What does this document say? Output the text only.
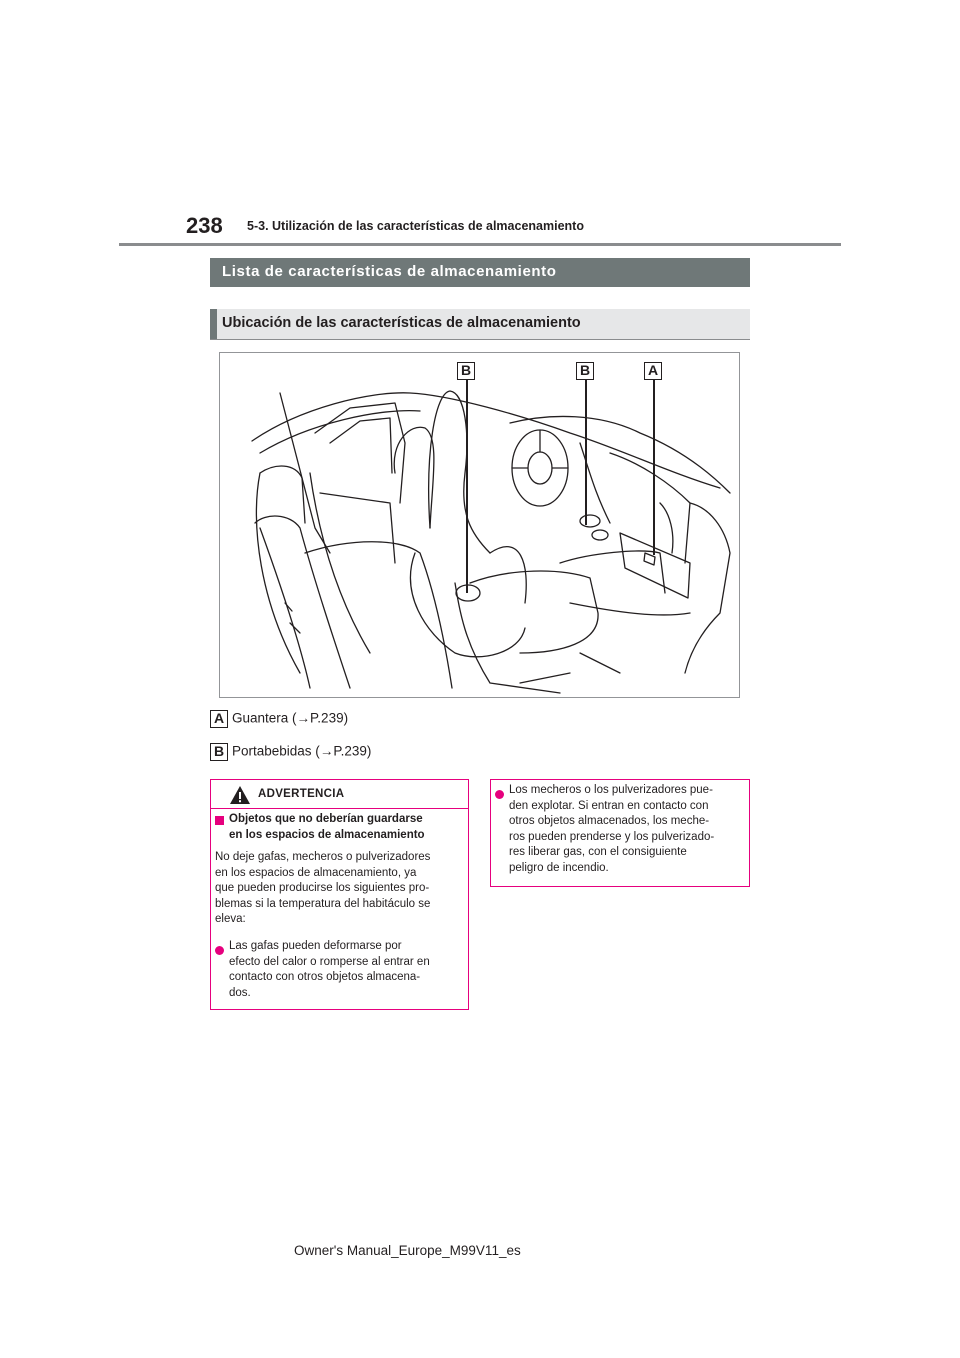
238 5-3. Utilización de las características de almacenamiento
Lista de características de almacenamiento
Ubicación de las características de almacenamiento
B	B	A
A Guantera (→P.239)
B Portabebidas (→P.239)
ADVERTENCIA
Objetos que no deberían guardarse
en los espacios de almacenamiento
No deje gafas, mecheros o pulverizadores
en los espacios de almacenamiento, ya
que pueden producirse los siguientes pro-
blemas si la temperatura del habitáculo se
eleva:
Las gafas pueden deformarse por
efecto del calor o romperse al entrar en
contacto con otros objetos almacena-
dos.
Los mecheros o los pulverizadores pue-
den explotar. Si entran en contacto con
otros objetos almacenados, los meche-
ros pueden prenderse y los pulverizado-
res liberar gas, con el consiguiente
peligro de incendio.
Owner's Manual_Europe_M99V11_es
